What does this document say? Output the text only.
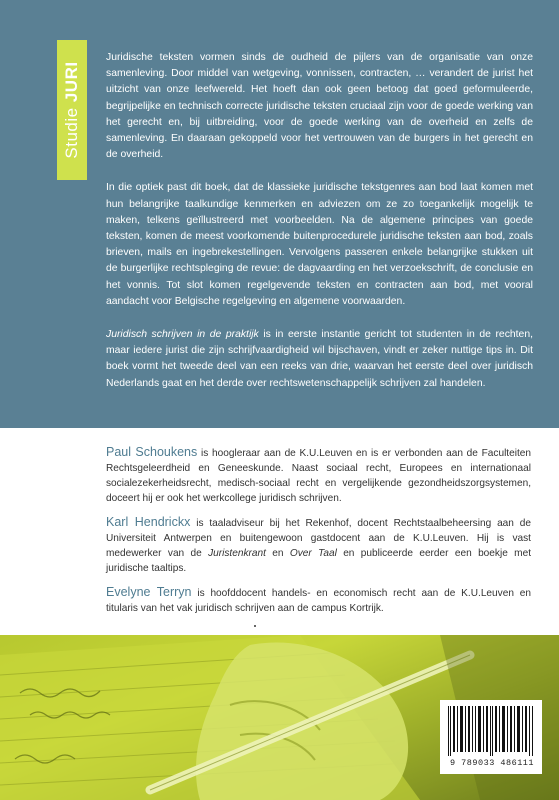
Studie JURI

Juridische teksten vormen sinds de oudheid de pijlers van de organisatie van onze samenleving. Door middel van wetgeving, vonnissen, contracten, … verandert de jurist het uitzicht van onze leefwereld. Het hoeft dan ook geen betoog dat goed geformuleerde, begrijpelijke en technisch correcte juridische teksten cruciaal zijn voor de goede werking van het gerecht en, bij uitbreiding, voor de goede werking van de overheid en zelfs de samenleving. En daaraan gekoppeld voor het vertrouwen van de burgers in het gerecht en de overheid.

In die optiek past dit boek, dat de klassieke juridische tekstgenres aan bod laat komen met hun belangrijke taalkundige kenmerken en adviezen om ze zo toegankelijk mogelijk te maken, telkens geïllustreerd met voorbeelden. Na de algemene principes van goede teksten, komen de meest voorkomende buitenprocedurele juridische teksten aan bod, zoals brieven, mails en ingebrekestellingen. Vervolgens passeren enkele belangrijke stukken uit de burgerlijke rechtspleging de revue: de dagvaarding en het verzoekschrift, de conclusie en het vonnis. Tot slot komen regelgevende teksten en contracten aan bod, met vooral aandacht voor Belgische regelgeving en algemene voorwaarden.

Juridisch schrijven in de praktijk is in eerste instantie gericht tot studenten in de rechten, maar iedere jurist die zijn schrijfvaardigheid wil bijschaven, vindt er zeker nuttige tips in. Dit boek vormt het tweede deel van een reeks van drie, waarvan het eerste deel over juridisch Nederlands gaat en het derde over rechtswetenschappelijk schrijven zal handelen.

Paul Schoukens is hoogleraar aan de K.U.Leuven en is er verbonden aan de Faculteiten Rechtsgeleerdheid en Geneeskunde. Naast sociaal recht, Europees en internationaal socialezekerheidsrecht, medisch-sociaal recht en vergelijkende gezondheidszorgsystemen, doceert hij er ook het werkcollege juridisch schrijven.

Karl Hendrickx is taaladviseur bij het Rekenhof, docent Rechtstaalbeheersing aan de Universiteit Antwerpen en buitengewoon gastdocent aan de K.U.Leuven. Hij is vast medewerker van de Juristenkrant en Over Taal en publiceerde eerder een boekje met juridische taaltips.

Evelyne Terryn is hoofddocent handels- en economisch recht aan de K.U.Leuven en titularis van het vak juridisch schrijven aan de campus Kortrijk.

9 789033 486111
